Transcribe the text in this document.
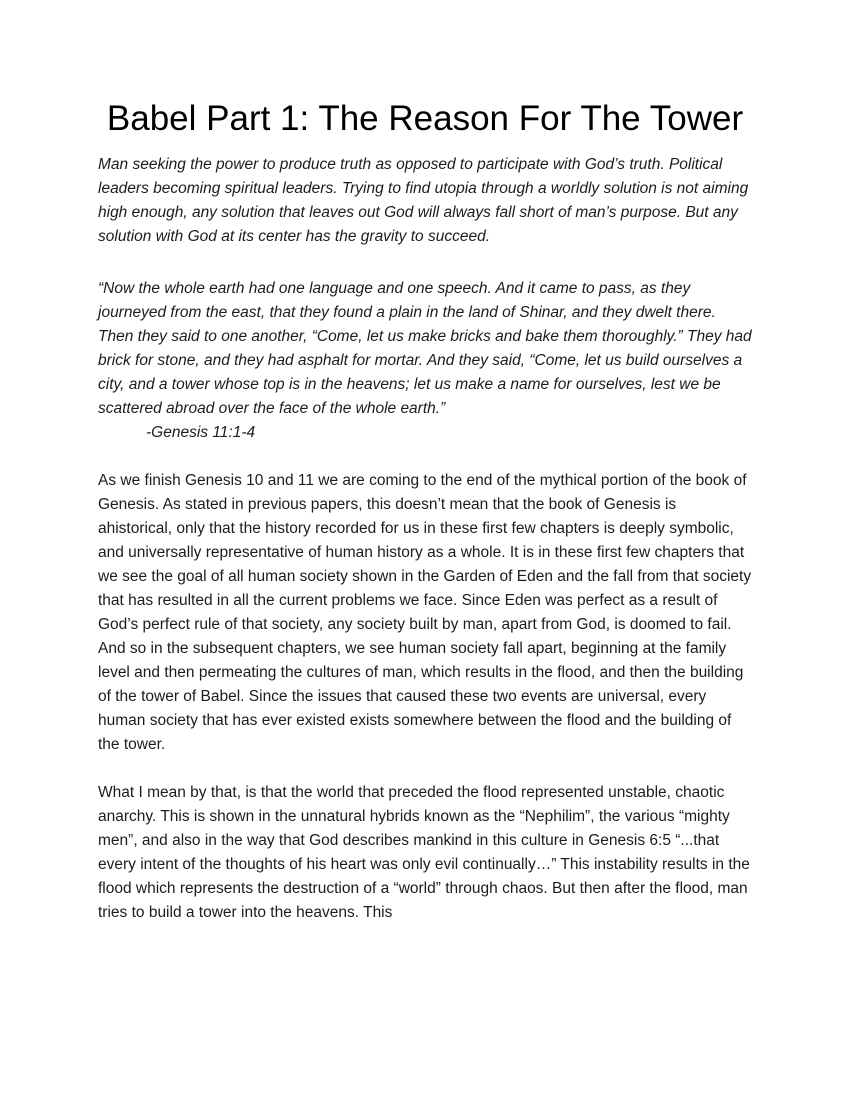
Babel Part 1: The Reason For The Tower

Man seeking the power to produce truth as opposed to participate with God’s truth. Political leaders becoming spiritual leaders. Trying to find utopia through a worldly solution is not aiming high enough, any solution that leaves out God will always fall short of man’s purpose. But any solution with God at its center has the gravity to succeed.

“Now the whole earth had one language and one speech. And it came to pass, as they journeyed from the east, that they found a plain in the land of Shinar, and they dwelt there. Then they said to one another, “Come, let us make bricks and bake them thoroughly.” They had brick for stone, and they had asphalt for mortar. And they said, “Come, let us build ourselves a city, and a tower whose top is in the heavens; let us make a name for ourselves, lest we be scattered abroad over the face of the whole earth.”

-Genesis 11:1-4

As we finish Genesis 10 and 11 we are coming to the end of the mythical portion of the book of Genesis. As stated in previous papers, this doesn’t mean that the book of Genesis is ahistorical, only that the history recorded for us in these first few chapters is deeply symbolic, and universally representative of human history as a whole. It is in these first few chapters that we see the goal of all human society shown in the Garden of Eden and the fall from that society that has resulted in all the current problems we face. Since Eden was perfect as a result of God’s perfect rule of that society, any society built by man, apart from God, is doomed to fail. And so in the subsequent chapters, we see human society fall apart, beginning at the family level and then permeating the cultures of man, which results in the flood, and then the building of the tower of Babel. Since the issues that caused these two events are universal, every human society that has ever existed exists somewhere between the flood and the building of the tower.

What I mean by that, is that the world that preceded the flood represented unstable, chaotic anarchy. This is shown in the unnatural hybrids known as the “Nephilim”, the various “mighty men”, and also in the way that God describes mankind in this culture in Genesis 6:5 “...that every intent of the thoughts of his heart was only evil continually…” This instability results in the flood which represents the destruction of a “world” through chaos. But then after the flood, man tries to build a tower into the heavens. This
